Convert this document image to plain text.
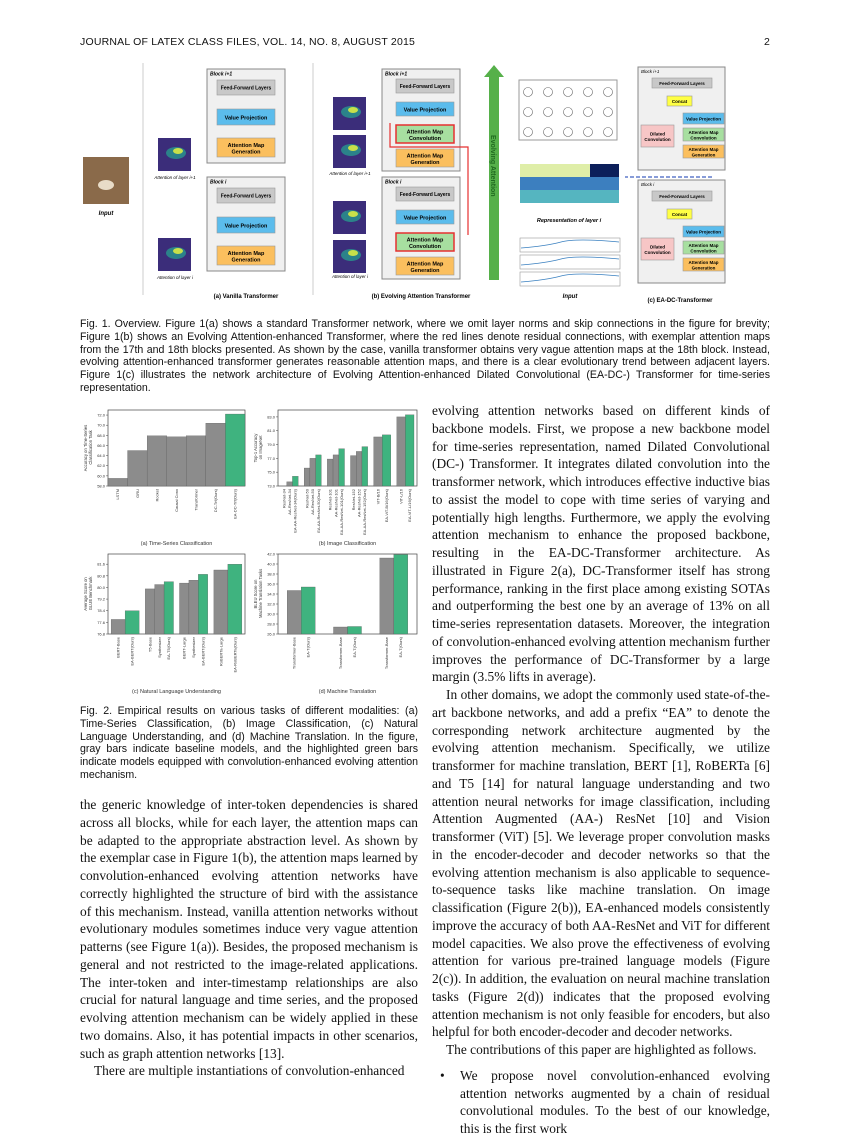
JOURNAL OF LATEX CLASS FILES, VOL. 14, NO. 8, AUGUST 2015	2
Input
Block i+1
Feed-Forward Layers
Value Projection
Attention Map
Generation
Block i
Feed-Forward Layers
Value Projection
Attention Map
Generation
Attention of layer i+1
Attention of layer i
(a) Vanilla Transformer
Block i+1
Feed-Forward Layers
Value Projection
Attention Map
Convolution
Attention Map
Generation
Block i
Feed-Forward Layers
Value Projection
Attention Map
Convolution
Attention Map
Generation
Attention of layer i+1
Attention of layer i
(b) Evolving Attention Transformer
Evolving Attention
Representation of layer i
Input
Block i+1
Feed-Forward Layers
Concat
Value Projection
Attention Map
Convolution
Attention Map
Generation
Dilated
Convolution
Block i
Feed-Forward Layers
Concat
Value Projection
Attention Map
Convolution
Attention Map
Generation
Dilated
Convolution
(c) EA-DC-Transformer
Fig. 1. Overview. Figure 1(a) shows a standard Transformer network, where we omit layer norms and skip connections in the figure for brevity; Figure 1(b) shows an Evolving Attention-enhanced Transformer, where the red lines denote residual connections, with exemplar attention maps from the 17th and 18th blocks presented. As shown by the case, vanilla transformer obtains very vague attention maps at the 18th block. Instead, evolving attention-enhanced transformer generates reasonable attention maps, and there is a clear evolutionary trend between adjacent layers. Figure 1(c) illustrates the network architecture of Evolving Attention-enhanced Dilated Convolutional (EA-DC-) Transformer for time-series representation.
58.0
60.0
62.0
64.0
66.0
68.0
70.0
72.0
Accuracy on Time-Series Classification Task
(a) Time-Series Classification
LSTM	GRU	Rocket	Causal Conv	Transformer	DC-Trf(Ours)	EA-DC-Trf(Ours)
73.0
75.0
77.0
79.0
81.0
83.0
Top-1 Accuracy on ImageNet
(b) Image Classification
ResNet-34 AA-ResNet-34 EA-AA-ResNet-34(Ours) ResNet-50 AA-ResNet-50 EA-AA-ResNet-50(Ours) ResNet-101 AA-ResNet-101 EA-AA-ResNet-101(Ours) ResNet-152 AA-ResNet-152 EA-AA-ResNet-152(Ours) ViT-B/16 EA-ViT-B/16(Ours) ViT-L/16 EA-ViT-L/16(Ours)
76.8
77.6
78.4
79.2
80.0
80.8
81.6
Average Score on GLUE Benchmark
(c) Natural Language Understanding
BERT-Base EA-BERT(Ours)	T5-Base Synthesizer EA-T5(Ours)	BERT-Large Synthesizer EA-BERT(Ours)	RoBERTa-Large EA-RoBERTa(Ours)
26.0
28.0
30.0
32.0
34.0
36.0
38.0
40.0
42.0
BLEU Score on Machine Translation Tasks
(d) Machine Translation
Transformer-Base EA-T(Ours)	Transformer-Base EA-T(Ours)	Transformer-Base EA-T(Ours)
Fig. 2. Empirical results on various tasks of different modalities: (a) Time-Series Classification, (b) Image Classification, (c) Natural Language Understanding, and (d) Machine Translation. In the figure, gray bars indicate baseline models, and the highlighted green bars indicate models equipped with convolution-enhanced evolving attention mechanism.

the generic knowledge of inter-token dependencies is shared across all blocks, while for each layer, the attention maps can be adapted to the appropriate abstraction level. As shown by the exemplar case in Figure 1(b), the attention maps learned by convolution-enhanced evolving attention networks have correctly highlighted the structure of bird with the assistance of this mechanism. Instead, vanilla attention networks without evolutionary modules sometimes induce very vague attention patterns (see Figure 1(a)). Besides, the proposed mechanism is general and not restricted to the image-related applications. The inter-token and inter-timestamp relationships are also crucial for natural language and time series, and the proposed evolving attention mechanism can be widely applied in these two domains. Also, it has potential impacts in other scenarios, such as graph attention networks [13].

There are multiple instantiations of convolution-enhanced

evolving attention networks based on different kinds of backbone models. First, we propose a new backbone model for time-series representation, named Dilated Convolutional (DC-) Transformer. It integrates dilated convolution into the transformer network, which introduces effective inductive bias to assist the model to cope with time series of varying and potentially high lengths. Furthermore, we apply the evolving attention mechanism to enhance the proposed backbone, resulting in the EA-DC-Transformer architecture. As illustrated in Figure 2(a), DC-Transformer itself has strong performance, ranking in the first place among existing SOTAs and outperforming the best one by an average of 13% on all time-series representation datasets. Moreover, the integration of convolution-enhanced evolving attention mechanism further improves the performance of DC-Transformer by a large margin (3.5% lifts in average).

In other domains, we adopt the commonly used state-of-the-art backbone networks, and add a prefix “EA” to denote the corresponding network architecture augmented by the evolving attention mechanism. Specifically, we utilize transformer for machine translation, BERT [1], RoBERTa [6] and T5 [14] for natural language understanding and two attention neural networks for image classification, including Attention Augmented (AA-) ResNet [10] and Vision transformer (ViT) [5]. We leverage proper convolution masks in the encoder-decoder and decoder networks so that the evolving attention mechanism is also applicable to sequence-to-sequence tasks like machine translation. On image classification (Figure 2(b)), EA-enhanced models consistently improve the accuracy of both AA-ResNet and ViT for different model capacities. We also prove the effectiveness of evolving attention for various pre-trained language models (Figure 2(c)). In addition, the evaluation on neural machine translation tasks (Figure 2(d)) indicates that the proposed evolving attention mechanism is not only feasible for encoders, but also helpful for both encoder-decoder and decoder networks.

The contributions of this paper are highlighted as follows.

• We propose novel convolution-enhanced evolving attention networks augmented by a chain of residual convolutional modules. To the best of our knowledge, this is the first work
